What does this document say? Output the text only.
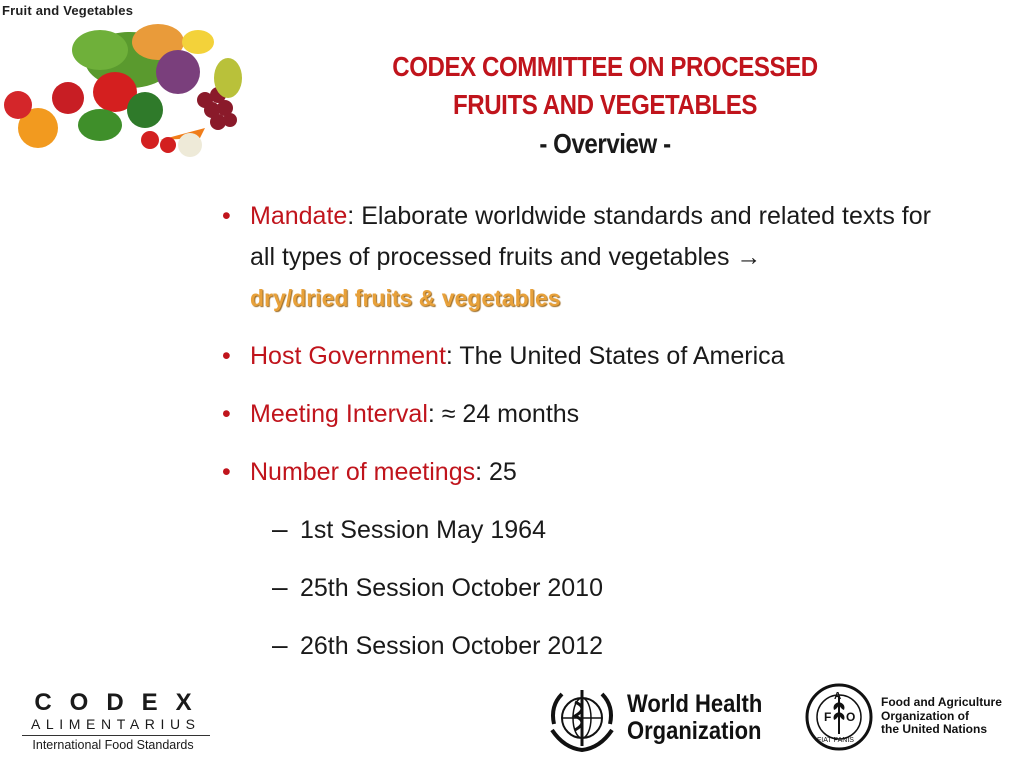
Fruit and Vegetables
CODEX COMMITTEE ON PROCESSED
FRUITS AND VEGETABLES
- Overview -
• Mandate: Elaborate worldwide standards and related texts for all types of processed fruits and vegetables →
dry/dried fruits & vegetables
• Host Government: The United States of America
• Meeting Interval: ≈ 24 months
• Number of meetings: 25
– 1st Session May 1964
– 25th Session October 2010
– 26th Session October 2012
CODEX
ALIMENTARIUS
International Food Standards
World Health
Organization	F
A
O
FIAT PANIS
Food and Agriculture
Organization of
the United Nations
